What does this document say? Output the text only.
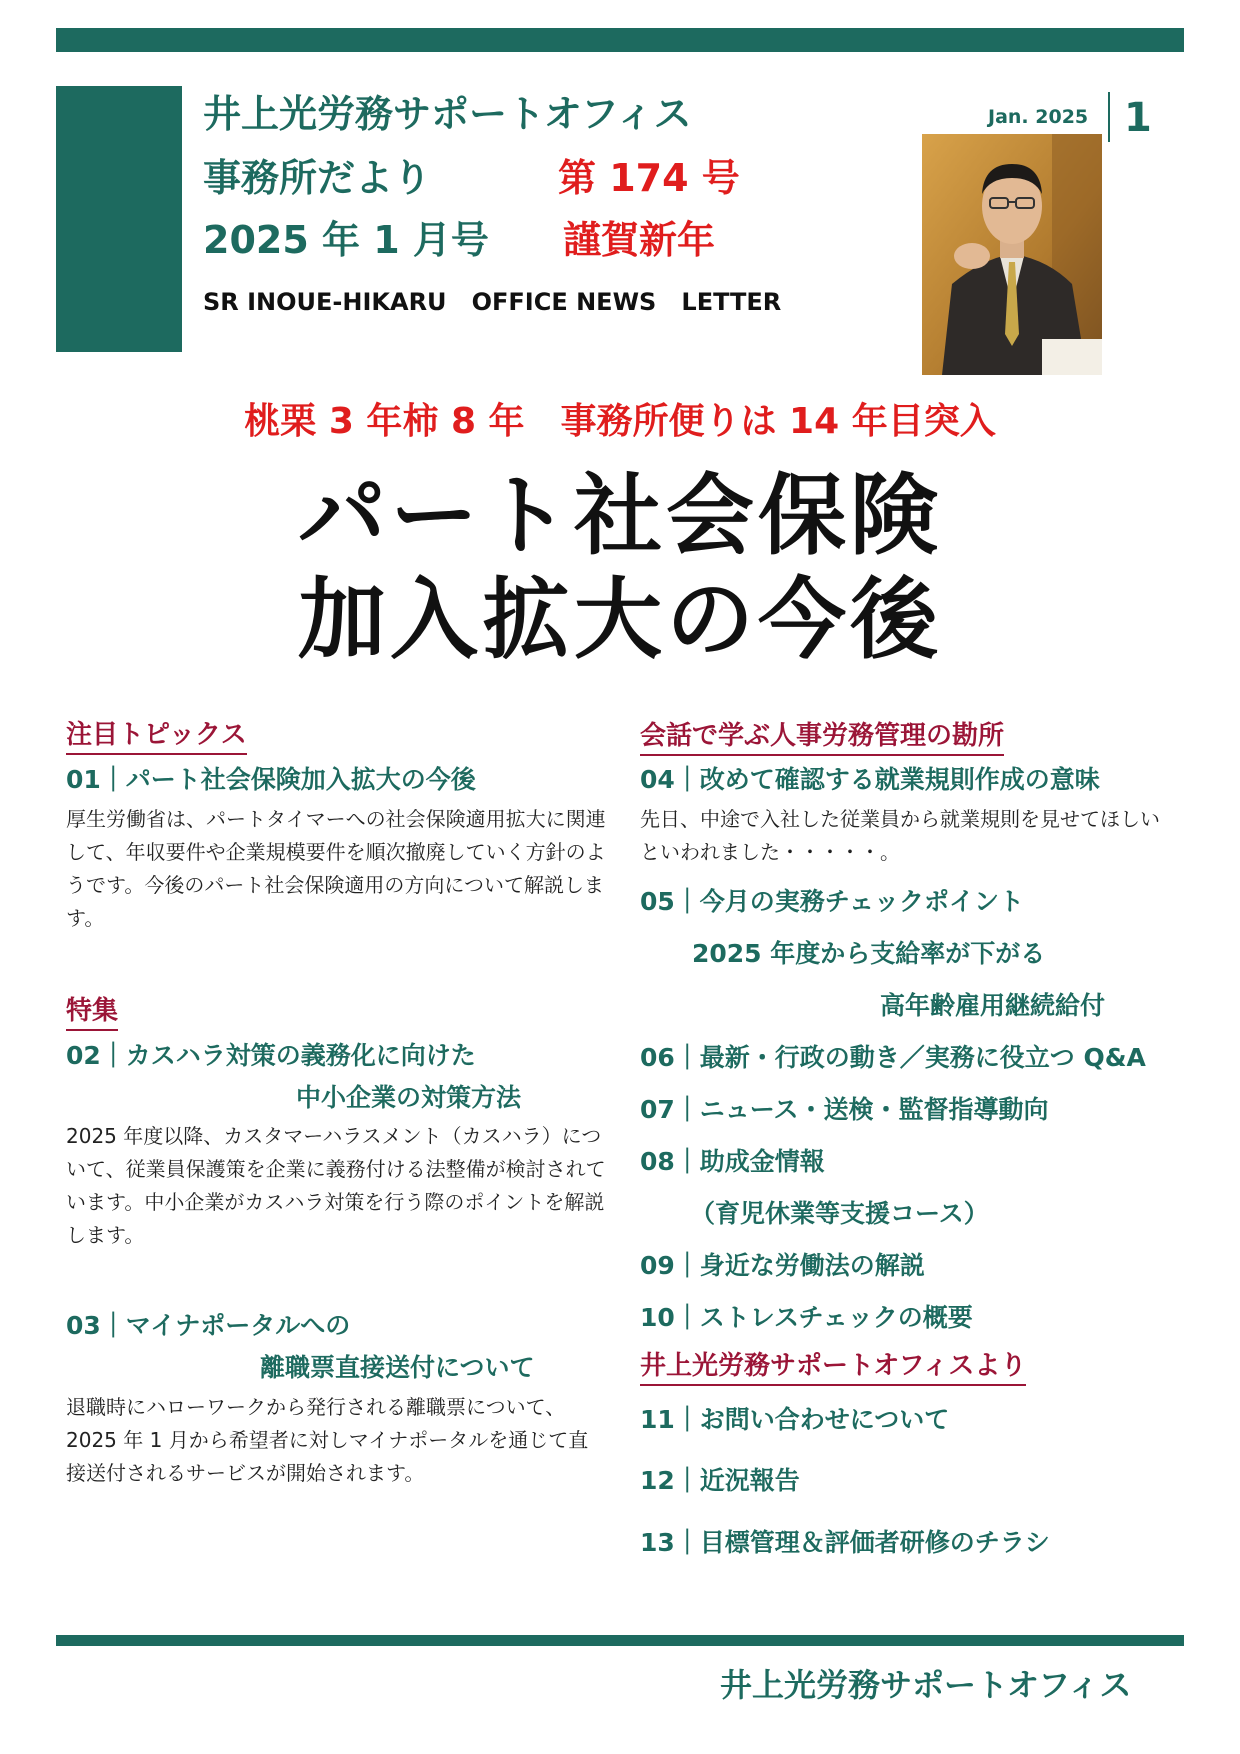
井上光労務サポートオフィス
事務所だより	第 174 号
2025 年 1 月号 謹賀新年
SR INOUE-HIKARU   OFFICE NEWS   LETTER
Jan. 2025 1
桃栗 3 年柿 8 年　事務所便りは 14 年目突入
パート社会保険
加入拡大の今後
注目トピックス
01｜パート社会保険加入拡大の今後
厚生労働省は、パートタイマーへの社会保険適用拡大に関連して、年収要件や企業規模要件を順次撤廃していく方針のようです。今後のパート社会保険適用の方向について解説します。
特集
02｜カスハラ対策の義務化に向けた
中小企業の対策方法
2025 年度以降、カスタマーハラスメント（カスハラ）について、従業員保護策を企業に義務付ける法整備が検討されています。中小企業がカスハラ対策を行う際のポイントを解説します。
03｜マイナポータルへの
離職票直接送付について
退職時にハローワークから発行される離職票について、2025 年 1 月から希望者に対しマイナポータルを通じて直接送付されるサービスが開始されます。
会話で学ぶ人事労務管理の勘所
04｜改めて確認する就業規則作成の意味
先日、中途で入社した従業員から就業規則を見せてほしいといわれました・・・・・。
05｜今月の実務チェックポイント
2025 年度から支給率が下がる
高年齢雇用継続給付
06｜最新・行政の動き／実務に役立つ Q&A
07｜ニュース・送検・監督指導動向
08｜助成金情報
（育児休業等支援コース）
09｜身近な労働法の解説
10｜ストレスチェックの概要
井上光労務サポートオフィスより
11｜お問い合わせについて
12｜近況報告
13｜目標管理＆評価者研修のチラシ
井上光労務サポートオフィス
